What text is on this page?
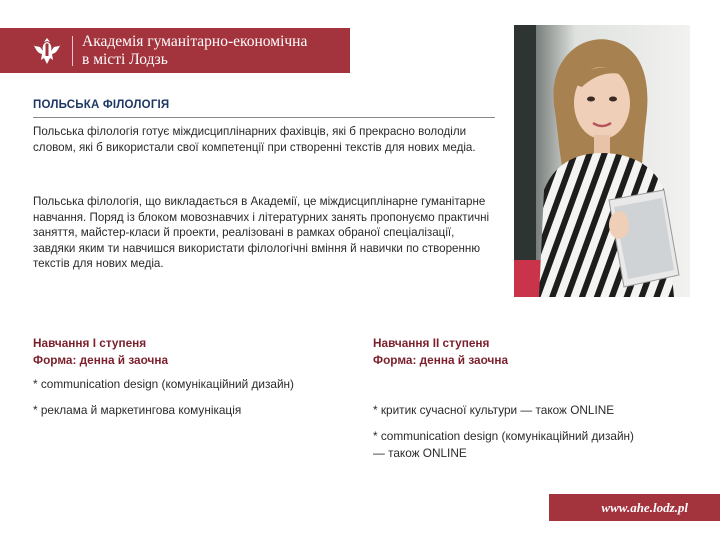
Академія гуманітарно-економічна
в місті Лодзь
ПОЛЬСЬКА ФІЛОЛОГІЯ

Польська філологія готує міждисциплінарних фахівців, які б прекрасно володіли словом, які б використали свої компетенції при створенні текстів для нових медіа.

Польська філологія, що викладається в Академії, це міждисциплінарне гуманітарне навчання. Поряд із блоком мовознавчих і літературних занять пропонуємо практичні заняття, майстер-класи й проекти, реалізовані в рамках обраної спеціалізації, завдяки яким ти навчишся використати філологічні вміння й навички по створенню текстів для нових медіа.

Навчання I ступеня
Форма: денна й заочна
Навчання II ступеня
Форма: денна й заочна

* communication design (комунікаційний дизайн)

* реклама й маркетингова комунікація	* критик сучасної культури — також ONLINE

* communication design (комунікаційний дизайн)

— також ONLINE

www.ahe.lodz.pl
